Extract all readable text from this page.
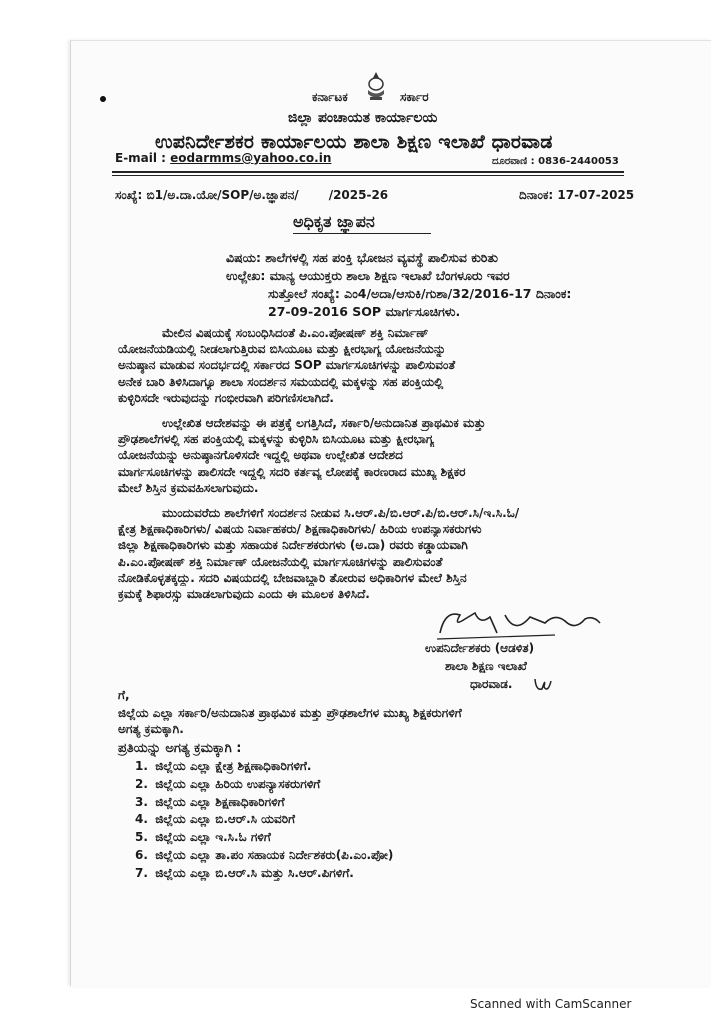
ಕರ್ನಾಟಕ	ಸರ್ಕಾರ
ಜಿಲ್ಲಾ ಪಂಚಾಯತ ಕಾರ್ಯಾಲಯ
ಉಪನಿರ್ದೇಶಕರ ಕಾರ್ಯಾಲಯ ಶಾಲಾ ಶಿಕ್ಷಣ ಇಲಾಖೆ ಧಾರವಾಡ
E-mail : eodarmms@yahoo.co.in	ದೂರವಾಣಿ : 0836-2440053
ಸಂಖ್ಯೆ: ಬಿ1/ಅ.ದಾ.ಯೋ/SOP/ಅ.ಜ್ಞಾಪನ/	/2025-26	ದಿನಾಂಕ: 17-07-2025
ಅಧಿಕೃತ ಜ್ಞಾಪನ
ವಿಷಯ: ಶಾಲೆಗಳಲ್ಲಿ ಸಹ ಪಂಕ್ತಿ ಭೋಜನ ವ್ಯವಸ್ಥೆ ಪಾಲಿಸುವ ಕುರಿತು
ಉಲ್ಲೇಖ: ಮಾನ್ಯ ಆಯುಕ್ತರು ಶಾಲಾ ಶಿಕ್ಷಣ ಇಲಾಖೆ ಬೆಂಗಳೂರು ಇವರ
ಸುತ್ತೋಲೆ ಸಂಖ್ಯೆ: ಎಂ4/ಅದಾ/ಆಸುಕಿ/ಗುಶಾ/32/2016-17 ದಿನಾಂಕ:
27-09-2016 SOP ಮಾರ್ಗಸೂಚಿಗಳು.
ಮೇಲಿನ ವಿಷಯಕ್ಕೆ ಸಂಬಂಧಿಸಿದಂತೆ ಪಿ.ಎಂ.ಪೋಷಣ್ ಶಕ್ತಿ ನಿರ್ಮಾಣ್
ಯೋಜನೆಯಡಿಯಲ್ಲಿ ನೀಡಲಾಗುತ್ತಿರುವ ಬಿಸಿಯೂಟ ಮತ್ತು ಕ್ಷೀರಭಾಗ್ಯ ಯೋಜನೆಯನ್ನು
ಅನುಷ್ಠಾನ ಮಾಡುವ ಸಂದರ್ಭದಲ್ಲಿ ಸರ್ಕಾರದ SOP ಮಾರ್ಗಸೂಚಿಗಳನ್ನು ಪಾಲಿಸುವಂತೆ
ಅನೇಕ ಬಾರಿ ತಿಳಿಸಿದಾಗ್ಯೂ ಶಾಲಾ ಸಂದರ್ಶನ ಸಮಯದಲ್ಲಿ ಮಕ್ಕಳನ್ನು ಸಹ ಪಂಕ್ತಿಯಲ್ಲಿ
ಕುಳ್ಳಿರಿಸದೇ ಇರುವುದನ್ನು ಗಂಭೀರವಾಗಿ ಪರಿಗಣಿಸಲಾಗಿದೆ.
ಉಲ್ಲೇಖಿತ ಆದೇಶವನ್ನು ಈ ಪತ್ರಕ್ಕೆ ಲಗತ್ತಿಸಿದೆ, ಸರ್ಕಾರಿ/ಅನುದಾನಿತ ಪ್ರಾಥಮಿಕ ಮತ್ತು
ಪ್ರೌಢಶಾಲೆಗಳಲ್ಲಿ ಸಹ ಪಂಕ್ತಿಯಲ್ಲಿ ಮಕ್ಕಳನ್ನು ಕುಳ್ಳಿರಿಸಿ ಬಿಸಿಯೂಟ ಮತ್ತು ಕ್ಷೀರಭಾಗ್ಯ
ಯೋಜನೆಯನ್ನು ಅನುಷ್ಠಾನಗೊಳಿಸದೇ ಇದ್ದಲ್ಲಿ ಅಥವಾ ಉಲ್ಲೇಖಿತ ಆದೇಶದ
ಮಾರ್ಗಸೂಚಿಗಳನ್ನು ಪಾಲಿಸದೇ ಇದ್ದಲ್ಲಿ ಸದರಿ ಕರ್ತವ್ಯ ಲೋಪಕ್ಕೆ ಕಾರಣರಾದ ಮುಖ್ಯ ಶಿಕ್ಷಕರ
ಮೇಲೆ ಶಿಸ್ತಿನ ಕ್ರಮವಹಿಸಲಾಗುವುದು.
ಮುಂದುವರೆದು ಶಾಲೆಗಳಿಗೆ ಸಂದರ್ಶನ ನೀಡುವ ಸಿ.ಆರ್.ಪಿ/ಬಿ.ಆರ್.ಪಿ/ಬಿ.ಆರ್.ಸಿ/ಇ.ಸಿ.ಓ/
ಕ್ಷೇತ್ರ ಶಿಕ್ಷಣಾಧಿಕಾರಿಗಳು/ ವಿಷಯ ನಿರ್ವಾಹಕರು/ ಶಿಕ್ಷಣಾಧಿಕಾರಿಗಳು/ ಹಿರಿಯ ಉಪನ್ಯಾಸಕರುಗಳು
ಜಿಲ್ಲಾ ಶಿಕ್ಷಣಾಧಿಕಾರಿಗಳು ಮತ್ತು ಸಹಾಯಕ ನಿರ್ದೇಶಕರುಗಳು (ಅ.ದಾ) ರವರು ಕಡ್ಡಾಯವಾಗಿ
ಪಿ.ಎಂ.ಪೋಷಣ್ ಶಕ್ತಿ ನಿರ್ಮಾಣ್ ಯೋಜನೆಯಲ್ಲಿ ಮಾರ್ಗಸೂಚಿಗಳನ್ನು ಪಾಲಿಸುವಂತೆ
ನೋಡಿಕೊಳ್ಳತಕ್ಕದ್ದು. ಸದರಿ ವಿಷಯದಲ್ಲಿ ಬೇಜವಾಬ್ದಾರಿ ತೋರುವ ಅಧಿಕಾರಿಗಳ ಮೇಲೆ ಶಿಸ್ತಿನ
ಕ್ರಮಕ್ಕೆ ಶಿಫಾರಸ್ಸು ಮಾಡಲಾಗುವುದು ಎಂದು ಈ ಮೂಲಕ ತಿಳಿಸಿದೆ.
ಉಪನಿರ್ದೇಶಕರು (ಆಡಳಿತ)
ಶಾಲಾ ಶಿಕ್ಷಣ ಇಲಾಖೆ
ಧಾರವಾಡ.
ಗೆ,
ಜಿಲ್ಲೆಯ ಎಲ್ಲಾ ಸರ್ಕಾರಿ/ಅನುದಾನಿತ ಪ್ರಾಥಮಿಕ ಮತ್ತು ಪ್ರೌಢಶಾಲೆಗಳ ಮುಖ್ಯ ಶಿಕ್ಷಕರುಗಳಿಗೆ
ಅಗತ್ಯ ಕ್ರಮಕ್ಕಾಗಿ.
ಪ್ರತಿಯನ್ನು ಅಗತ್ಯ ಕ್ರಮಕ್ಕಾಗಿ :
1. ಜಿಲ್ಲೆಯ ಎಲ್ಲಾ ಕ್ಷೇತ್ರ ಶಿಕ್ಷಣಾಧಿಕಾರಿಗಳಿಗೆ.
2. ಜಿಲ್ಲೆಯ ಎಲ್ಲಾ ಹಿರಿಯ ಉಪನ್ಯಾಸಕರುಗಳಿಗೆ
3. ಜಿಲ್ಲೆಯ ಎಲ್ಲಾ ಶಿಕ್ಷಣಾಧಿಕಾರಿಗಳಿಗೆ
4. ಜಿಲ್ಲೆಯ ಎಲ್ಲಾ ಬಿ.ಆರ್.ಸಿ ಯವರಿಗೆ
5. ಜಿಲ್ಲೆಯ ಎಲ್ಲಾ ಇ.ಸಿ.ಓ ಗಳಿಗೆ
6. ಜಿಲ್ಲೆಯ ಎಲ್ಲಾ ತಾ.ಪಂ ಸಹಾಯಕ ನಿರ್ದೇಶಕರು(ಪಿ.ಎಂ.ಪೋ)
7. ಜಿಲ್ಲೆಯ ಎಲ್ಲಾ ಬಿ.ಆರ್.ಸಿ ಮತ್ತು ಸಿ.ಆರ್.ಪಿಗಳಿಗೆ.
Scanned with CamScanner
